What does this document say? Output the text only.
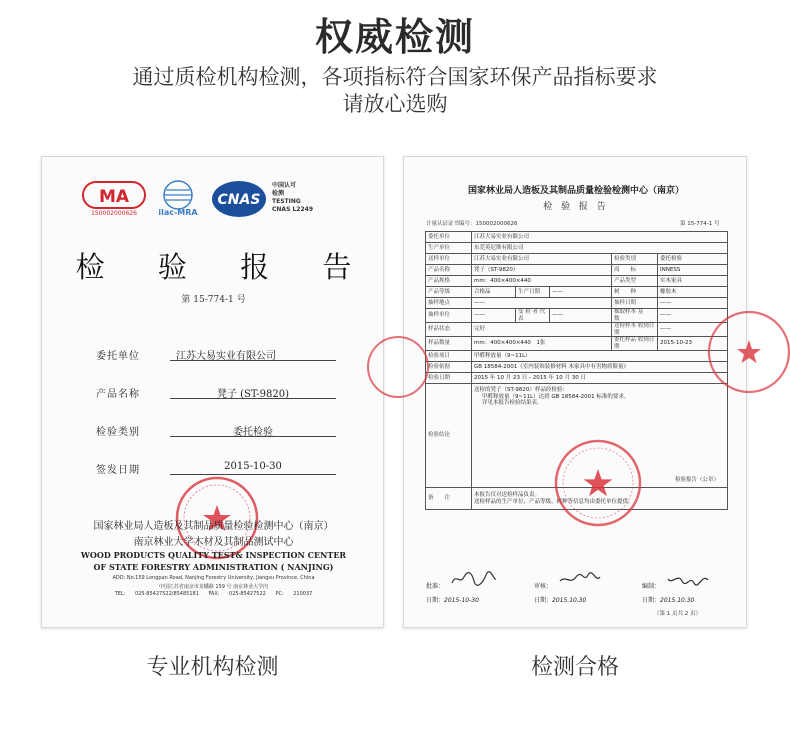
权威检测
通过质检机构检测，各项指标符合国家环保产品指标要求
请放心选购
MA
150002000626	ilac-MRA
CNAS
中国认可
检测
TESTING
CNAS L2249
检 验 报 告
第 15-774-1 号
委托单位	江苏大易实业有限公司
产品名称	凳子 (ST-9820)
检验类别	委托检验
签发日期	2015-10-30
国家林业局人造板及其制品质量检验检测中心（南京）
南京林业大学木材及其制品测试中心
WOOD PRODUCTS QUALITY TEST& INSPECTION CENTER
OF STATE FORESTRY ADMINISTRATION ( NANJING)
ADD: No.159 Longpan Road, Nanjing Forestry University, Jiangsu Province, China
中国江苏省南京市龙蟠路 159 号 南京林业大学内
TEL: 025-85427522/85485181 FAX: 025-85427522 PC: 210037
国家林业局人造板及其制品质量检验检测中心（南京）
检 验 报 告
计量认证证书编号：150002000626	第 15-774-1 号
委托单位	江苏大易实业有限公司				
生产单位	东莞英尼斯有限公司				
送样单位	江苏大易实业有限公司			检验类别	委托检验
产品名称	凳子（ST-9820）			商　　标	INNESS
产品规格	mm：400×400×440			产品类型	实木家具
产品等级	合格品	生产日期	——	树　　种	橡胶木
抽样地点	——			抽样日期	——
抽样单位	——	受 检 者 代　　表	——	抽取样本 基　　数	——
样品状态	完好			送检样本 收到日期	——
样品数量	mm：400×400×440　1张			委托样品 收到日期	2015-10-23
检验项目	甲醛释放量（9~11L）				
检验依据	GB 18584-2001《室内装饰装修材料 木家具中有害物质限量》				
检验日期	2015 年 10 月 23 日 - 2015 年 10 月 30 日				
检验结论	送检的凳子（ST-9820）样品经检验：
甲醛释放量（9~11L）达到 GB 18584-2001 标准的要求。
详见本报告检验结果表。
检验报告（公章）				

备　　注	本报告仅对送检样品负责。
送检样品的生产单位、产品等级、树种等信息均由委托单位提供。				
批准：
日期：2015-10-30
审核：
日期：2015.10.30
编制：
日期：2015.10.30
（第 1 页共 2 页）
专业机构检测	检测合格
